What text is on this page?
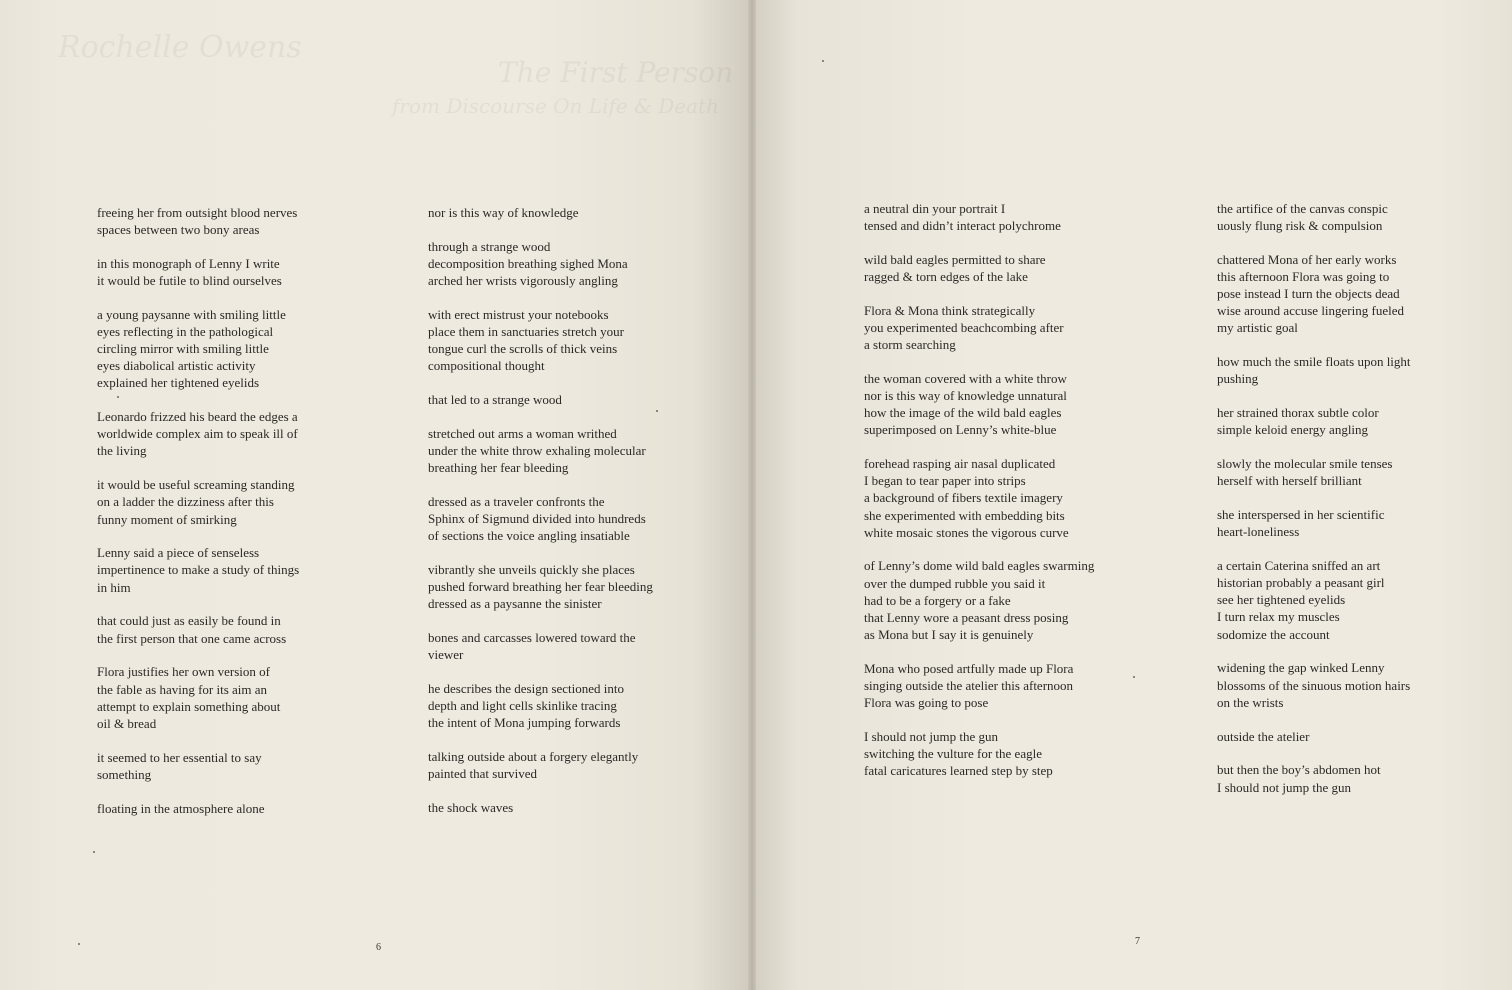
Rochelle Owens
The First Person
from Discourse On Life & Death
freeing her from outsight blood nerves
spaces between two bony areas
in this monograph of Lenny I write
it would be futile to blind ourselves
a young paysanne with smiling little
eyes reflecting in the pathological
circling mirror with smiling little
eyes diabolical artistic activity
explained her tightened eyelids
Leonardo frizzed his beard the edges a
worldwide complex aim to speak ill of
the living
it would be useful screaming standing
on a ladder the dizziness after this
funny moment of smirking
Lenny said a piece of senseless
impertinence to make a study of things
in him
that could just as easily be found in
the first person that one came across
Flora justifies her own version of
the fable as having for its aim an
attempt to explain something about
oil & bread
it seemed to her essential to say
something
floating in the atmosphere alone
nor is this way of knowledge
through a strange wood
decomposition breathing sighed Mona
arched her wrists vigorously angling
with erect mistrust your notebooks
place them in sanctuaries stretch your
tongue curl the scrolls of thick veins
compositional thought
that led to a strange wood
stretched out arms a woman writhed
under the white throw exhaling molecular
breathing her fear bleeding
dressed as a traveler confronts the
Sphinx of Sigmund divided into hundreds
of sections the voice angling insatiable
vibrantly she unveils quickly she places
pushed forward breathing her fear bleeding
dressed as a paysanne the sinister
bones and carcasses lowered toward the
viewer
he describes the design sectioned into
depth and light cells skinlike tracing
the intent of Mona jumping forwards
talking outside about a forgery elegantly
painted that survived
the shock waves
6
a neutral din your portrait I
tensed and didn’t interact polychrome
wild bald eagles permitted to share
ragged & torn edges of the lake
Flora & Mona think strategically
you experimented beachcombing after
a storm searching
the woman covered with a white throw
nor is this way of knowledge unnatural
how the image of the wild bald eagles
superimposed on Lenny’s white-blue
forehead rasping air nasal duplicated
I began to tear paper into strips
a background of fibers textile imagery
she experimented with embedding bits
white mosaic stones the vigorous curve
of Lenny’s dome wild bald eagles swarming
over the dumped rubble you said it
had to be a forgery or a fake
that Lenny wore a peasant dress posing
as Mona but I say it is genuinely
Mona who posed artfully made up Flora
singing outside the atelier this afternoon
Flora was going to pose
I should not jump the gun
switching the vulture for the eagle
fatal caricatures learned step by step
the artifice of the canvas conspic
uously flung risk & compulsion
chattered Mona of her early works
this afternoon Flora was going to
pose instead I turn the objects dead
wise around accuse lingering fueled
my artistic goal
how much the smile floats upon light
pushing
her strained thorax subtle color
simple keloid energy angling
slowly the molecular smile tenses
herself with herself brilliant
she interspersed in her scientific
heart-loneliness
a certain Caterina sniffed an art
historian probably a peasant girl
see her tightened eyelids
I turn relax my muscles
sodomize the account
widening the gap winked Lenny
blossoms of the sinuous motion hairs
on the wrists
outside the atelier
but then the boy’s abdomen hot
I should not jump the gun
7
